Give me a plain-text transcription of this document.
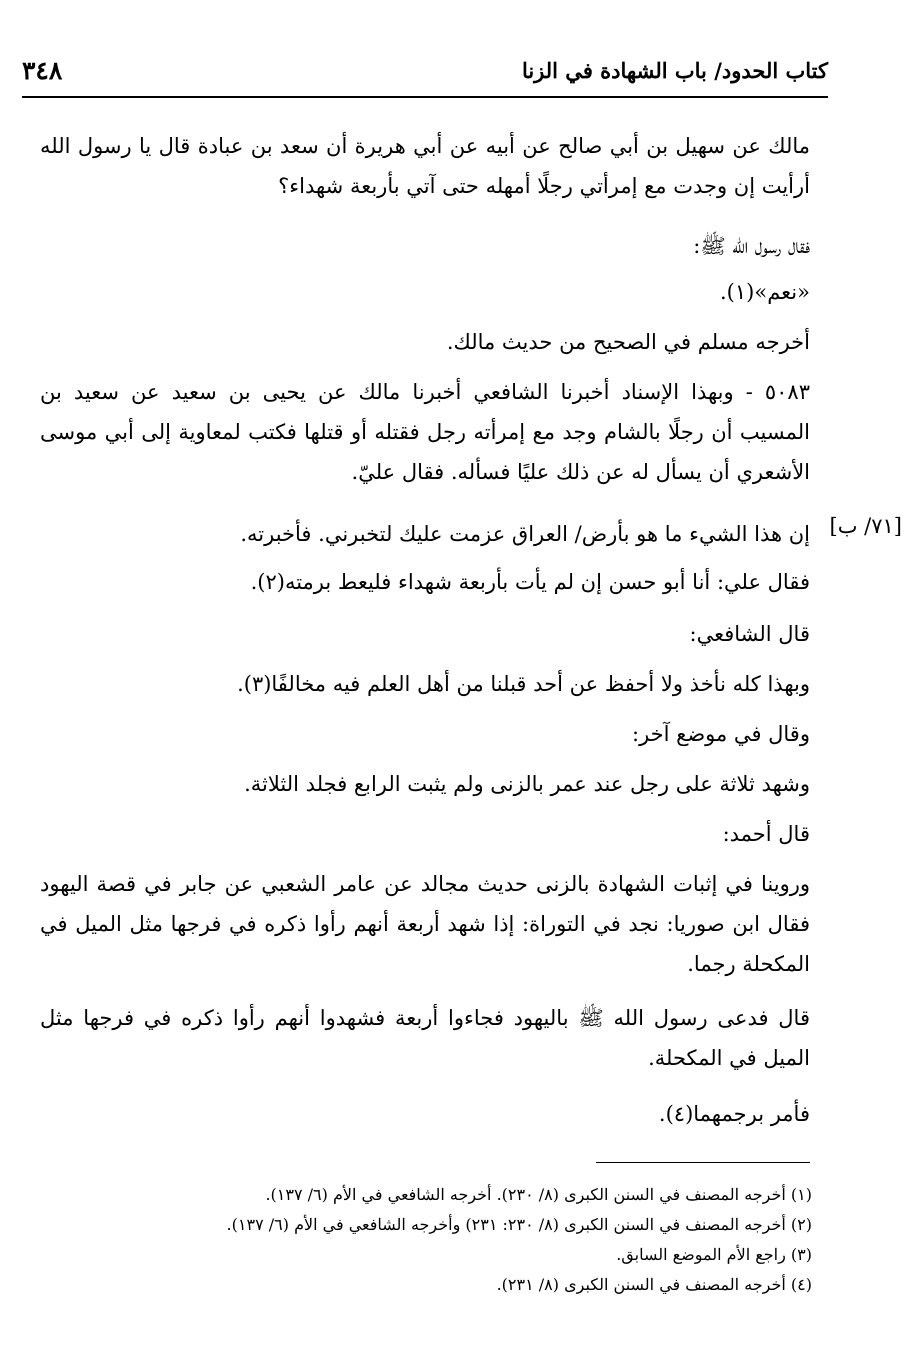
كتاب الحدود/ باب الشهادة في الزنا
٣٤٨
[٧١/ ب]

مالك عن سهيل بن أبي صالح عن أبيه عن أبي هريرة أن سعد بن عبادة قال يا رسول الله أرأيت إن وجدت مع إمرأتي رجلًا أمهله حتى آتي بأربعة شهداء؟

فقال رسول الله ﷺ:

«نعم»(١).

أخرجه مسلم في الصحيح من حديث مالك.

٥٠٨٣ - وبهذا الإسناد أخبرنا الشافعي أخبرنا مالك عن يحيى بن سعيد عن سعيد بن المسيب أن رجلًا بالشام وجد مع إمرأته رجل فقتله أو قتلها فكتب لمعاوية إلى أبي موسى الأشعري أن يسأل له عن ذلك عليًا فسأله. فقال عليّ.

إن هذا الشيء ما هو بأرض/ العراق عزمت عليك لتخبرني. فأخبرته.

فقال علي: أنا أبو حسن إن لم يأت بأربعة شهداء فليعط برمته(٢).

قال الشافعي:

وبهذا كله نأخذ ولا أحفظ عن أحد قبلنا من أهل العلم فيه مخالفًا(٣).

وقال في موضع آخر:

وشهد ثلاثة على رجل عند عمر بالزنى ولم يثبت الرابع فجلد الثلاثة.

قال أحمد:

وروينا في إثبات الشهادة بالزنى حديث مجالد عن عامر الشعبي عن جابر في قصة اليهود فقال ابن صوريا: نجد في التوراة: إذا شهد أربعة أنهم رأوا ذكره في فرجها مثل الميل في المكحلة رجما.

قال فدعى رسول الله ﷺ باليهود فجاءوا أربعة فشهدوا أنهم رأوا ذكره في فرجها مثل الميل في المكحلة.

فأمر برجمهما(٤).

(١) أخرجه المصنف في السنن الكبرى (٨/ ٢٣٠). أخرجه الشافعي في الأم (٦/ ١٣٧).

(٢) أخرجه المصنف في السنن الكبرى (٨/ ٢٣٠: ٢٣١) وأخرجه الشافعي في الأم (٦/ ١٣٧).

(٣) راجع الأم الموضع السابق.

(٤) أخرجه المصنف في السنن الكبرى (٨/ ٢٣١).
